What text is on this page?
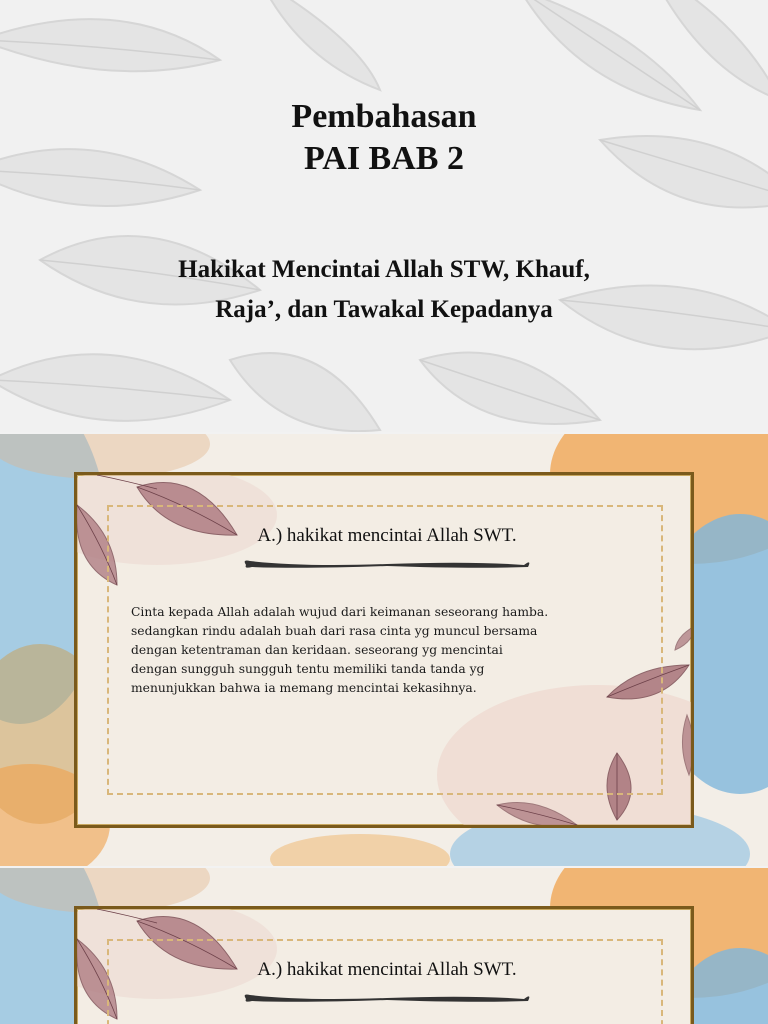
Pembahasan
PAI BAB 2
Hakikat Mencintai Allah STW, Khauf,
Raja’, dan Tawakal Kepadanya
A.) hakikat mencintai Allah SWT.
Cinta kepada Allah adalah wujud dari keimanan seseorang hamba. sedangkan rindu adalah buah dari rasa cinta yg muncul bersama dengan ketentraman dan keridaan. seseorang yg mencintai dengan sungguh sungguh tentu memiliki tanda tanda yg menunjukkan bahwa ia memang mencintai kekasihnya.
A.) hakikat mencintai Allah SWT.
